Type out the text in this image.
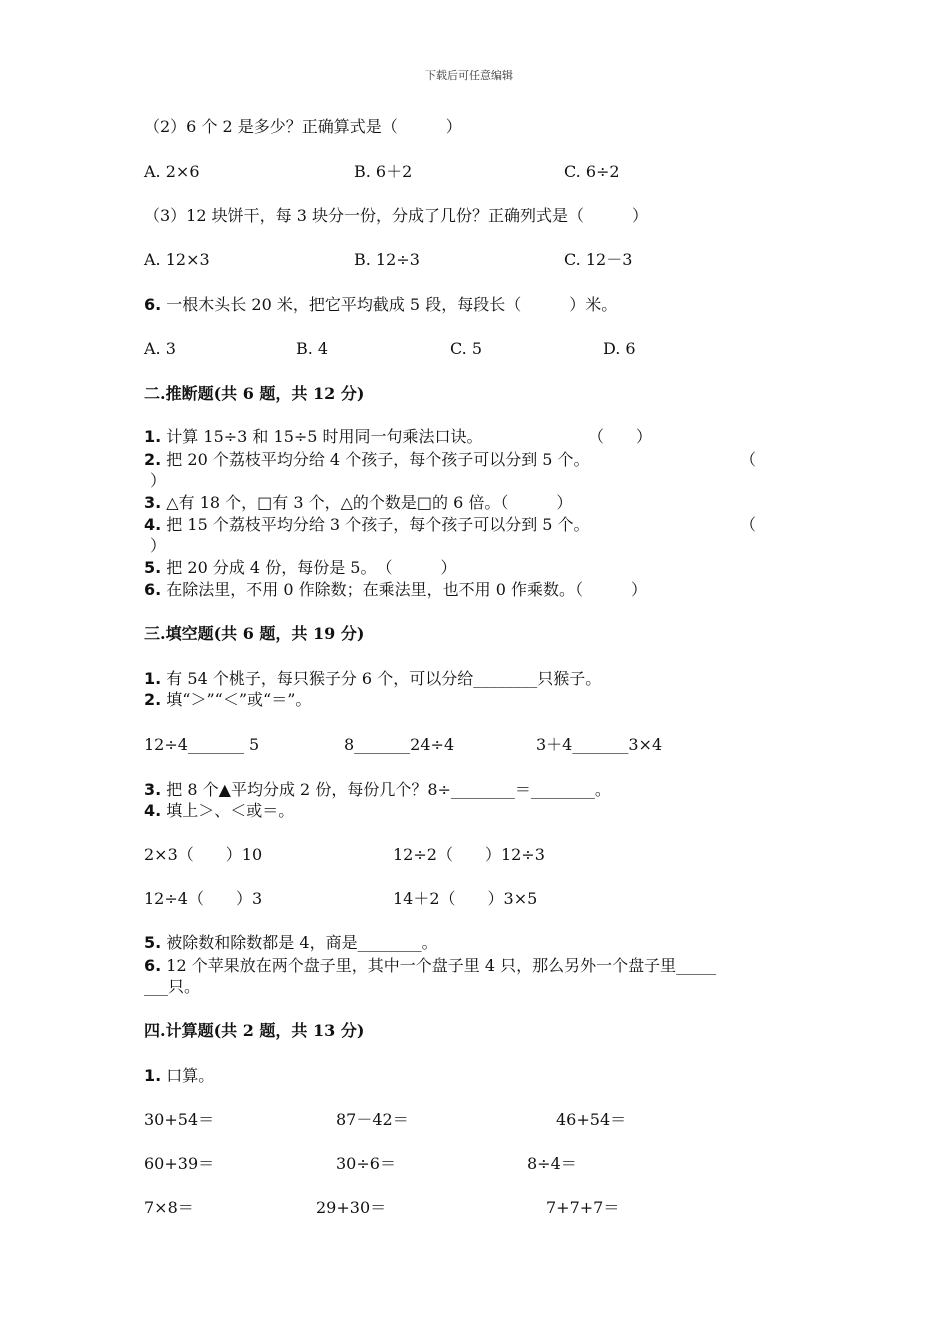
下载后可任意编辑
（2）6 个 2 是多少？正确算式是（　　　）
A. 2×6	B. 6＋2	C. 6÷2
（3）12 块饼干，每 3 块分一份，分成了几份？正确列式是（　　　）
A. 12×3	B. 12÷3	C. 12－3
6. 一根木头长 20 米，把它平均截成 5 段，每段长（　　　）米。
A. 3	B. 4	C. 5	D. 6
二.推断题(共 6 题，共 12 分)
1. 计算 15÷3 和 15÷5 时用同一句乘法口诀。	（　　）
2. 把 20 个荔枝平均分给 4 个孩子，每个孩子可以分到 5 个。	（
）
3. △有 18 个，□有 3 个，△的个数是□的 6 倍。（　　　）
4. 把 15 个荔枝平均分给 3 个孩子，每个孩子可以分到 5 个。	（
）
5. 把 20 分成 4 份，每份是 5。　（　　　）
6. 在除法里，不用 0 作除数；在乘法里，也不用 0 作乘数。（　　　）
三.填空题(共 6 题，共 19 分)
1. 有 54 个桃子，每只猴子分 6 个，可以分给________只猴子。
2. 填“＞”“＜”或“＝”。
12÷4_______ 5	8_______24÷4	3＋4_______3×4
3. 把 8 个▲平均分成 2 份，每份几个？8÷________＝________。
4. 填上＞、＜或＝。
2×3（　　）10	12÷2（　　）12÷3
12÷4（　　）3	14＋2（　　）3×5
5. 被除数和除数都是 4，商是________。
6. 12 个苹果放在两个盘子里，其中一个盘子里 4 只，那么另外一个盘子里_____
___只。
四.计算题(共 2 题，共 13 分)
1. 口算。
30+54＝	87－42＝	46+54＝
60+39＝	30÷6＝	8÷4＝
7×8＝	29+30＝	7+7+7＝
